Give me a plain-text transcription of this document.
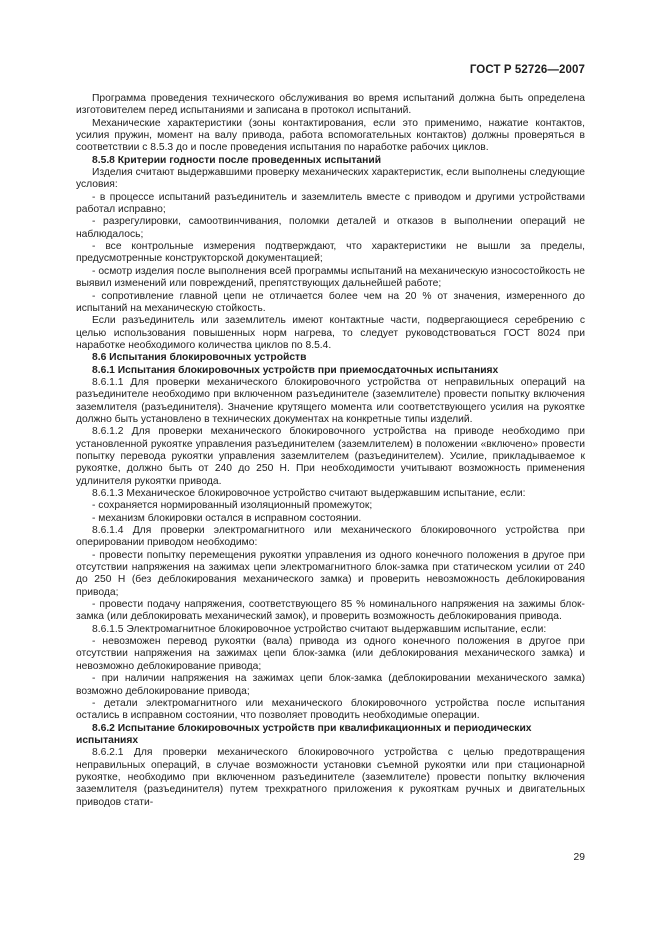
ГОСТ Р 52726—2007

Программа проведения технического обслуживания во время испытаний должна быть определена изготовителем перед испытаниями и записана в протокол испытаний.

Механические характеристики (зоны контактирования, если это применимо, нажатие контактов, усилия пружин, момент на валу привода, работа вспомогательных контактов) должны проверяться в соответствии с 8.5.3 до и после проведения испытания по наработке рабочих циклов.

8.5.8 Критерии годности после проведенных испытаний

Изделия считают выдержавшими проверку механических характеристик, если выполнены следующие условия:

- в процессе испытаний разъединитель и заземлитель вместе с приводом и другими устройствами работал исправно;

- разрегулировки, самоотвинчивания, поломки деталей и отказов в выполнении операций не наблюдалось;

- все контрольные измерения подтверждают, что характеристики не вышли за пределы, предусмотренные конструкторской документацией;

- осмотр изделия после выполнения всей программы испытаний на механическую износостойкость не выявил изменений или повреждений, препятствующих дальнейшей работе;

- сопротивление главной цепи не отличается более чем на 20 % от значения, измеренного до испытаний на механическую стойкость.

Если разъединитель или заземлитель имеют контактные части, подвергающиеся серебрению с целью использования повышенных норм нагрева, то следует руководствоваться ГОСТ 8024 при наработке необходимого количества циклов по 8.5.4.

8.6 Испытания блокировочных устройств

8.6.1 Испытания блокировочных устройств при приемосдаточных испытаниях

8.6.1.1 Для проверки механического блокировочного устройства от неправильных операций на разъединителе необходимо при включенном разъединителе (заземлителе) провести попытку включения заземлителя (разъединителя). Значение крутящего момента или соответствующего усилия на рукоятке должно быть установлено в технических документах на конкретные типы изделий.

8.6.1.2 Для проверки механического блокировочного устройства на приводе необходимо при установленной рукоятке управления разъединителем (заземлителем) в положении «включено» провести попытку перевода рукоятки управления заземлителем (разъединителем). Усилие, прикладываемое к рукоятке, должно быть от 240 до 250 Н. При необходимости учитывают возможность применения удлинителя рукоятки привода.

8.6.1.3 Механическое блокировочное устройство считают выдержавшим испытание, если:

- сохраняется нормированный изоляционный промежуток;

- механизм блокировки остался в исправном состоянии.

8.6.1.4 Для проверки электромагнитного или механического блокировочного устройства при оперировании приводом необходимо:

- провести попытку перемещения рукоятки управления из одного конечного положения в другое при отсутствии напряжения на зажимах цепи электромагнитного блок-замка при статическом усилии от 240 до 250 Н (без деблокирования механического замка) и проверить невозможность деблокирования привода;

- провести подачу напряжения, соответствующего 85 % номинального напряжения на зажимы блок-замка (или деблокировать механический замок), и проверить возможность деблокирования привода.

8.6.1.5 Электромагнитное блокировочное устройство считают выдержавшим испытание, если:

- невозможен перевод рукоятки (вала) привода из одного конечного положения в другое при отсутствии напряжения на зажимах цепи блок-замка (или деблокирования механического замка) и невозможно деблокирование привода;

- при наличии напряжения на зажимах цепи блок-замка (деблокировании механического замка) возможно деблокирование привода;

- детали электромагнитного или механического блокировочного устройства после испытания остались в исправном состоянии, что позволяет проводить необходимые операции.

8.6.2 Испытание блокировочных устройств при квалификационных и периодических испытаниях

8.6.2.1 Для проверки механического блокировочного устройства с целью предотвращения неправильных операций, в случае возможности установки съемной рукоятки или при стационарной рукоятке, необходимо при включенном разъединителе (заземлителе) провести попытку включения заземлителя (разъединителя) путем трехкратного приложения к рукояткам ручных и двигательных приводов стати-

29
